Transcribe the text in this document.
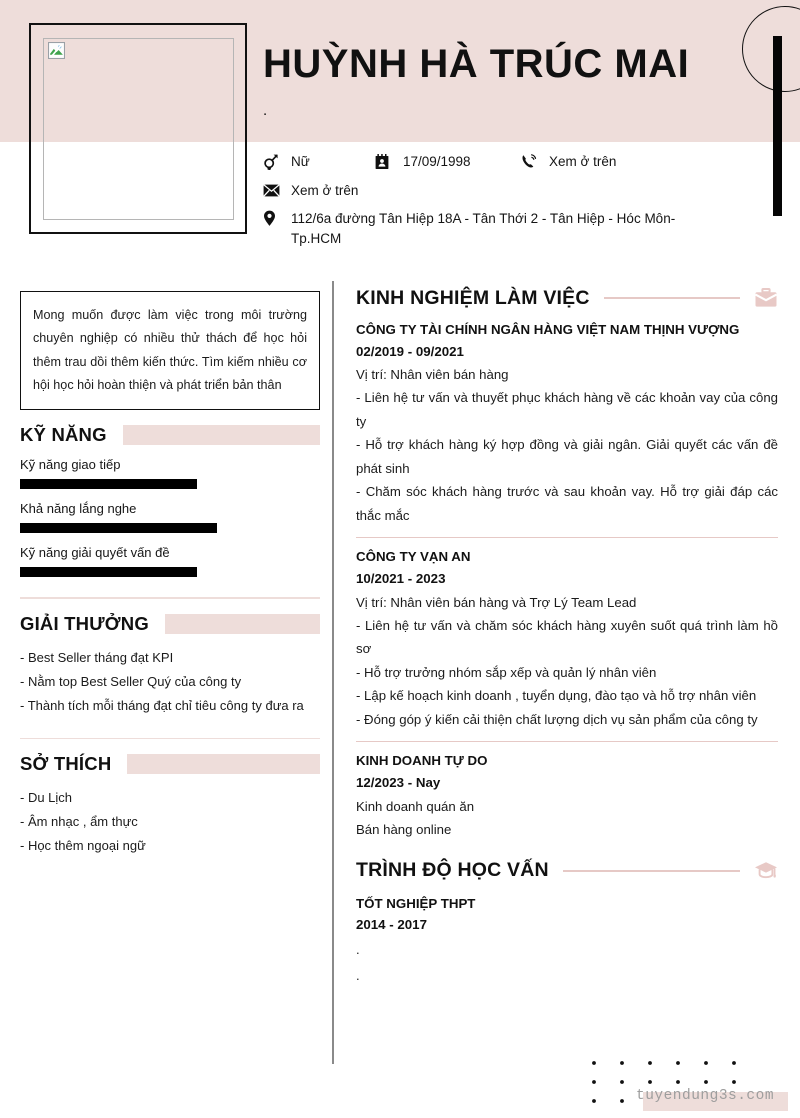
HUỲNH HÀ TRÚC MAI
.
Nữ	17/09/1998	Xem ở trên
Xem ở trên
112/6a đường Tân Hiệp 18A - Tân Thới 2 - Tân Hiệp - Hóc Môn-Tp.HCM
Mong muốn được làm việc trong môi trường chuyên nghiệp có nhiều thử thách để học hỏi thêm trau dồi thêm kiến thức. Tìm kiếm nhiều cơ hội học hỏi hoàn thiện và phát triển bản thân
KỸ NĂNG
Kỹ năng giao tiếp
Khả năng lắng nghe
Kỹ năng giải quyết vấn đề
GIẢI THƯỞNG
- Best Seller tháng đạt KPI
- Nằm top Best Seller Quý của công ty
- Thành tích mỗi tháng đạt chỉ tiêu công ty đưa ra
SỞ THÍCH
- Du Lịch
- Âm nhạc , ẩm thực
- Học thêm ngoại ngữ
KINH NGHIỆM LÀM VIỆC
CÔNG TY TÀI CHÍNH NGÂN HÀNG VIỆT NAM THỊNH VƯỢNG
02/2019 - 09/2021
Vị trí: Nhân viên bán hàng
- Liên hệ tư vấn và thuyết phục khách hàng về các khoản vay của công ty
- Hỗ trợ khách hàng ký hợp đồng và giải ngân. Giải quyết các vấn đề phát sinh
- Chăm sóc khách hàng trước và sau khoản vay. Hỗ trợ giải đáp các thắc mắc
CÔNG TY VẠN AN
10/2021 - 2023
Vị trí: Nhân viên bán hàng và Trợ Lý Team Lead
- Liên hệ tư vấn và chăm sóc khách hàng xuyên suốt quá trình làm hồ sơ
- Hỗ trợ trưởng nhóm sắp xếp và quản lý nhân viên
- Lập kế hoạch kinh doanh , tuyển dụng, đào tạo và hỗ trợ nhân viên
- Đóng góp ý kiến cải thiện chất lượng dịch vụ sản phẩm của công ty
KINH DOANH TỰ DO
12/2023 - Nay
Kinh doanh quán ăn
Bán hàng online
TRÌNH ĐỘ HỌC VẤN
TỐT NGHIỆP THPT
2014 - 2017
.
.
tuyendung3s.com
